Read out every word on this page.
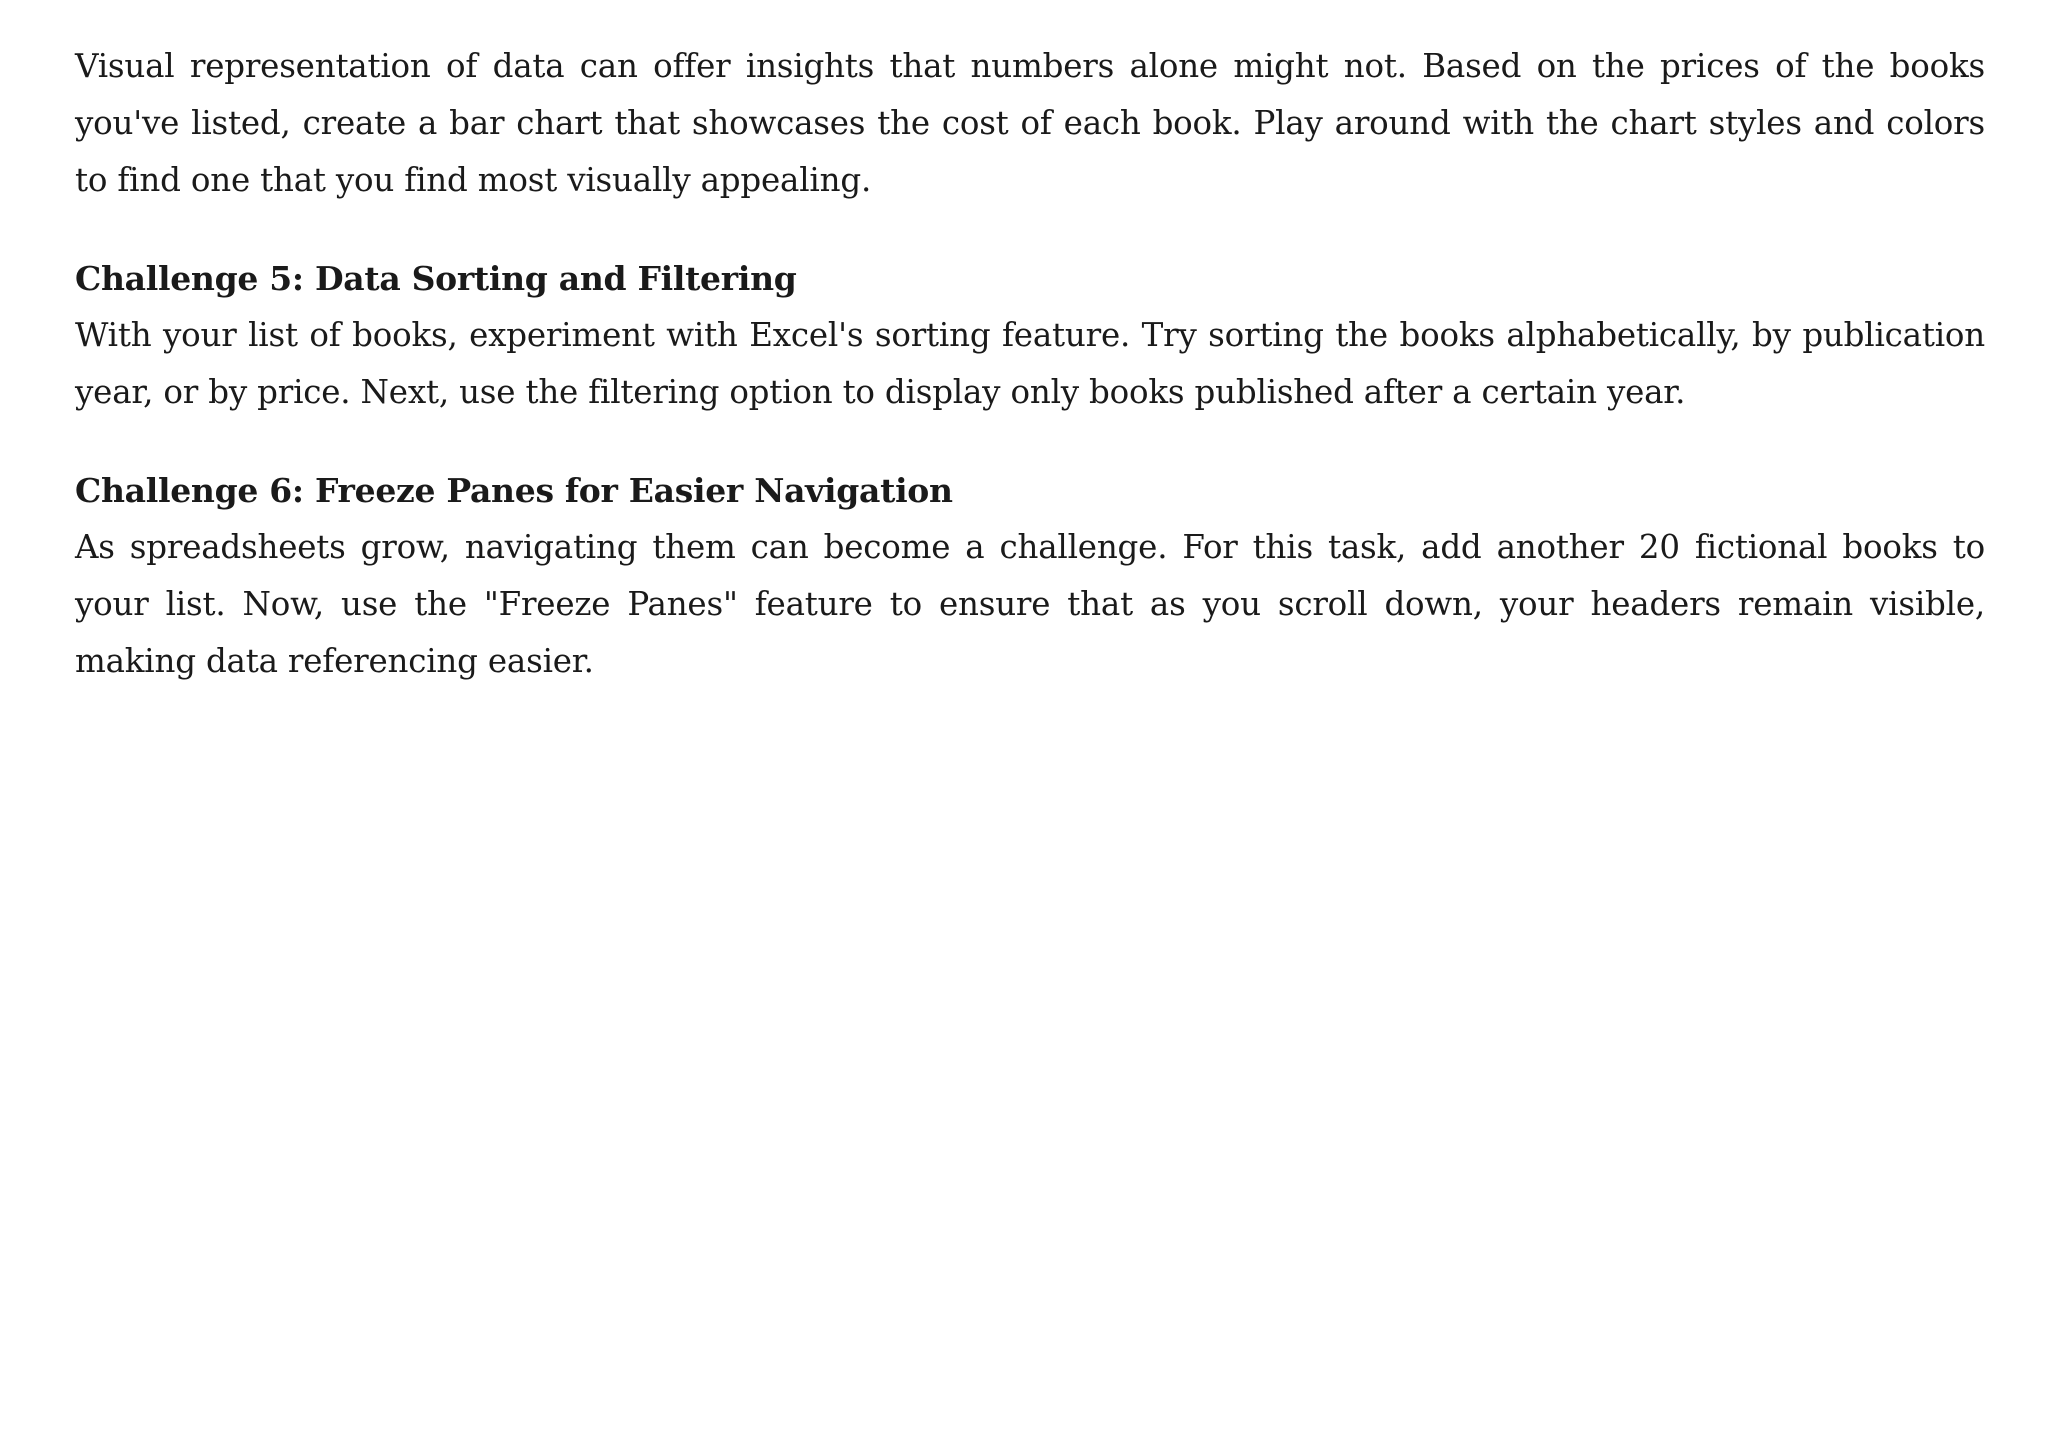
Visual representation of data can offer insights that numbers alone might not. Based on the prices of the books you've listed, create a bar chart that showcases the cost of each book. Play around with the chart styles and colors to find one that you find most visually appealing.

Challenge 5: Data Sorting and Filtering

With your list of books, experiment with Excel's sorting feature. Try sorting the books alphabetically, by publication year, or by price. Next, use the filtering option to display only books published after a certain year.

Challenge 6: Freeze Panes for Easier Navigation

As spreadsheets grow, navigating them can become a challenge. For this task, add another 20 fictional books to your list. Now, use the "Freeze Panes" feature to ensure that as you scroll down, your headers remain visible, making data referencing easier.
